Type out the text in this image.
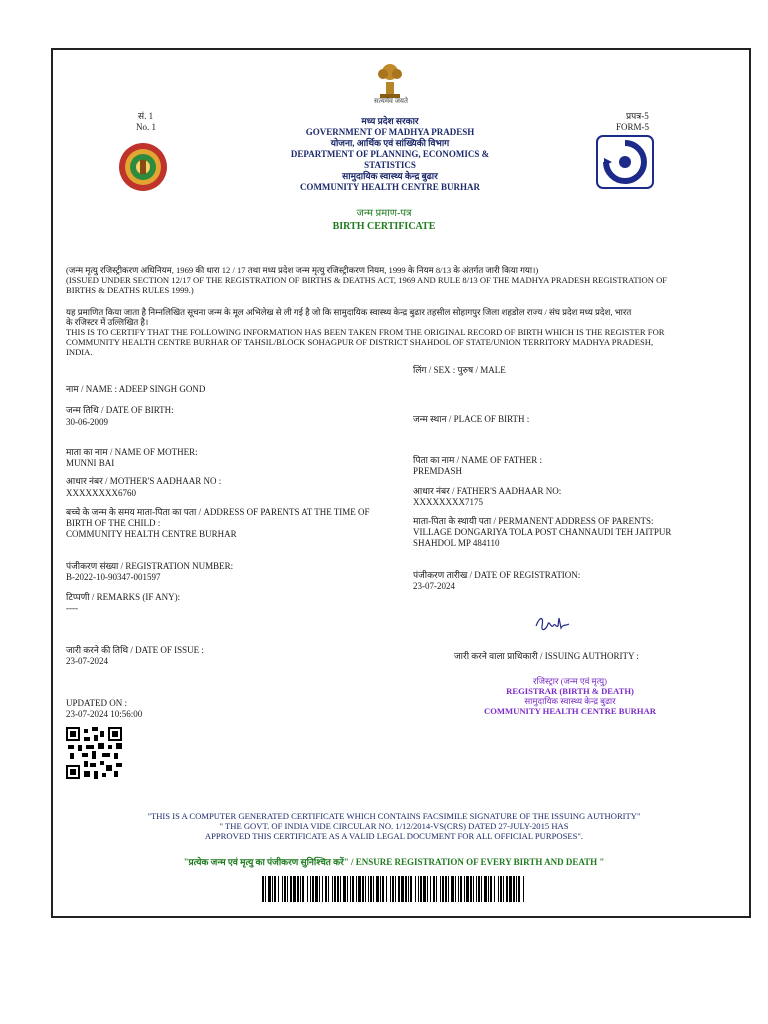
सत्यमेव जयते
सं. 1
No. 1
प्रपत्र-5
FORM-5
मध्य प्रदेश सरकार
GOVERNMENT OF MADHYA PRADESH
योजना, आर्थिक एवं सांख्यिकी विभाग
DEPARTMENT OF PLANNING, ECONOMICS &
STATISTICS
सामुदायिक स्वास्थ्य केन्द्र बुढार
COMMUNITY HEALTH CENTRE BURHAR
जन्म प्रमाण-पत्र
BIRTH CERTIFICATE
(जन्म मृत्यु रजिस्ट्रीकरण अधिनियम, 1969 की धारा 12 / 17 तथा मध्य प्रदेश जन्म मृत्यु रजिस्ट्रीकरण नियम, 1999 के नियम 8/13 के अंतर्गत जारी किया गया।)
(ISSUED UNDER SECTION 12/17 OF THE REGISTRATION OF BIRTHS & DEATHS ACT, 1969 AND RULE 8/13 OF THE MADHYA PRADESH REGISTRATION OF
BIRTHS & DEATHS RULES 1999.)
यह प्रमाणित किया जाता है निम्नलिखित सूचना जन्म के मूल अभिलेख से ली गई है जो कि सामुदायिक स्वास्थ्य केन्द्र बुढार तहसील सोहागपुर जिला शहडोल राज्य / संघ प्रदेश मध्य प्रदेश, भारत
के रजिस्टर में उल्लिखित है।
THIS IS TO CERTIFY THAT THE FOLLOWING INFORMATION HAS BEEN TAKEN FROM THE ORIGINAL RECORD OF BIRTH WHICH IS THE REGISTER FOR
COMMUNITY HEALTH CENTRE BURHAR OF TAHSIL/BLOCK SOHAGPUR OF DISTRICT SHAHDOL OF STATE/UNION TERRITORY MADHYA PRADESH,
INDIA.
लिंग / SEX : पुरुष / MALE
नाम / NAME : ADEEP SINGH GOND
जन्म तिथि / DATE OF BIRTH:
30-06-2009	जन्म स्थान / PLACE OF BIRTH :
माता का नाम / NAME OF MOTHER:
MUNNI BAI	पिता का नाम / NAME OF FATHER :
PREMDASH
आधार नंबर / MOTHER'S AADHAAR NO :
XXXXXXXX6760	आधार नंबर / FATHER'S AADHAAR NO:
XXXXXXXX7175
बच्चे के जन्म के समय माता-पिता का पता / ADDRESS OF PARENTS AT THE TIME OF
BIRTH OF THE CHILD :
COMMUNITY HEALTH CENTRE BURHAR
माता-पिता के स्थायी पता / PERMANENT ADDRESS OF PARENTS:
VILLAGE DONGARIYA TOLA POST CHANNAUDI TEH JAITPUR
SHAHDOL MP 484110
पंजीकरण संख्या / REGISTRATION NUMBER:
B-2022-10-90347-001597	पंजीकरण तारीख / DATE OF REGISTRATION:
23-07-2024
टिप्पणी / REMARKS (IF ANY):
----
जारी करने की तिथि / DATE OF ISSUE :
23-07-2024	जारी करने वाला प्राधिकारी / ISSUING AUTHORITY :
रजिस्ट्रार (जन्म एवं मृत्यु)
REGISTRAR (BIRTH & DEATH)
सामुदायिक स्वास्थ्य केन्द्र बुढार
COMMUNITY HEALTH CENTRE BURHAR
UPDATED ON :
23-07-2024 10:56:00
"THIS IS A COMPUTER GENERATED CERTIFICATE WHICH CONTAINS FACSIMILE SIGNATURE OF THE ISSUING AUTHORITY"
" THE GOVT. OF INDIA VIDE CIRCULAR NO. 1/12/2014-VS(CRS) DATED 27-JULY-2015 HAS
APPROVED THIS CERTIFICATE AS A VALID LEGAL DOCUMENT FOR ALL OFFICIAL PURPOSES".
"प्रत्येक जन्म एवं मृत्यु का पंजीकरण सुनिश्चित करें" / ENSURE REGISTRATION OF EVERY BIRTH AND DEATH "
